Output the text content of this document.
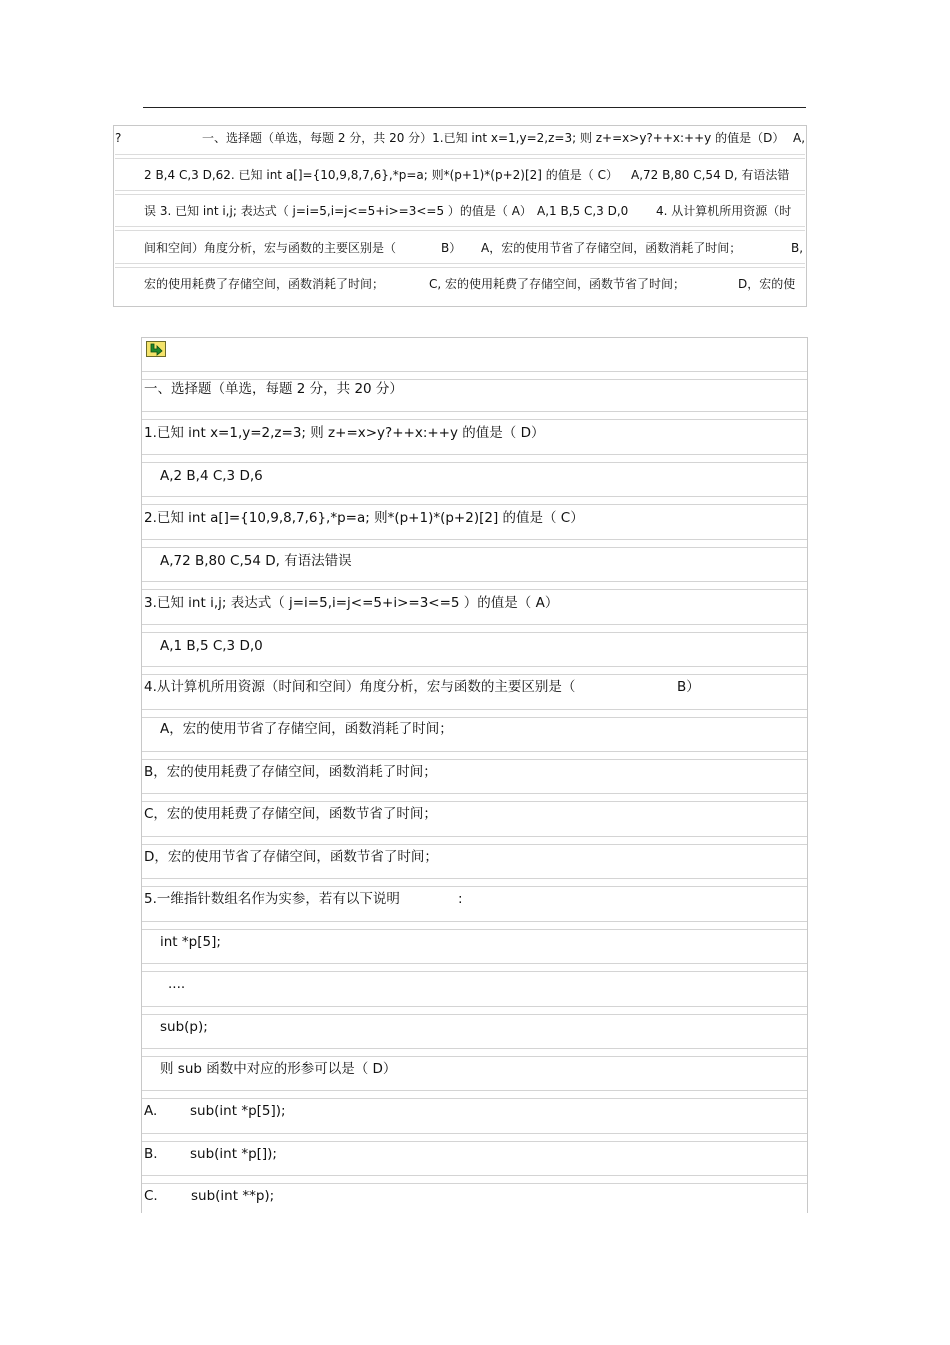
?	一、选择题（单选，每题 2 分，共 20 分）1.已知 int x=1,y=2,z=3; 则 z+=x>y?++x:++y 的值是（D） A,
2 B,4 C,3 D,62. 已知 int a[]={10,9,8,7,6},*p=a; 则*(p+1)*(p+2)[2] 的值是（ C） A,72 B,80 C,54 D, 有语法错
误 3. 已知 int i,j; 表达式（ j=i=5,i=j<=5+i>=3<=5 ）的值是（ A） A,1 B,5 C,3 D,0 4. 从计算机所用资源（时
间和空间）角度分析，宏与函数的主要区别是（	B） A，宏的使用节省了存储空间，函数消耗了时间；	B,
宏的使用耗费了存储空间，函数消耗了时间；	C, 宏的使用耗费了存储空间，函数节省了时间；	D，宏的使
一、选择题（单选，每题 2 分，共 20 分）
1.已知 int x=1,y=2,z=3; 则 z+=x>y?++x:++y 的值是（ D）
A,2 B,4 C,3 D,6
2.已知 int a[]={10,9,8,7,6},*p=a; 则*(p+1)*(p+2)[2] 的值是（ C）
A,72 B,80 C,54 D, 有语法错误
3.已知 int i,j; 表达式（ j=i=5,i=j<=5+i>=3<=5 ）的值是（ A）
A,1 B,5 C,3 D,0
4.从计算机所用资源（时间和空间）角度分析，宏与函数的主要区别是（	B）
A，宏的使用节省了存储空间，函数消耗了时间；
B，宏的使用耗费了存储空间，函数消耗了时间；
C，宏的使用耗费了存储空间，函数节省了时间；
D，宏的使用节省了存储空间，函数节省了时间；
5.一维指针数组名作为实参，若有以下说明	:
int *p[5];
....
sub(p);
则 sub 函数中对应的形参可以是（ D）
A. sub(int *p[5]);
B. sub(int *p[]);
C. sub(int **p);
